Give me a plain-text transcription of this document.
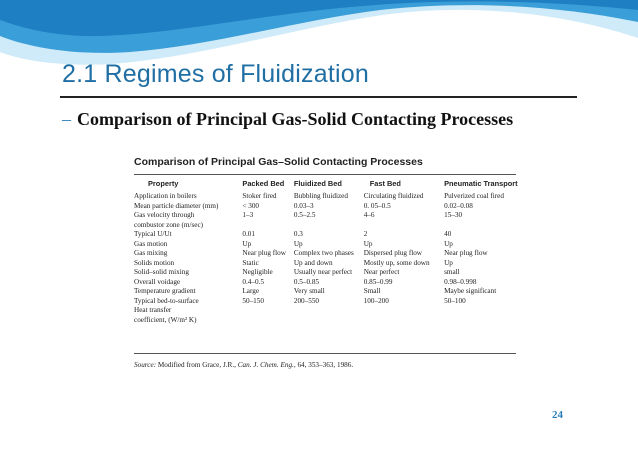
2.1 Regimes of Fluidization
– Comparison of Principal Gas-Solid Contacting Processes
Comparison of Principal Gas–Solid Contacting Processes
Property	Packed Bed	Fluidized Bed	Fast Bed	Pneumatic Transport
Application in boilers	Stoker fired	Bubbling fluidized	Circulating fluidized	Pulverized coal fired
Mean particle diameter (mm)	< 300	0.03–3	0. 05–0.5	0.02–0.08
Gas velocity through	1–3	0.5–2.5	4–6	15–30
combustor zone (m/sec)				
Typical U/Ut	0.01	0.3	2	40
Gas motion	Up	Up	Up	Up
Gas mixing	Near plug flow	Complex two phases	Dispersed plug flow	Near plug flow
Solids motion	Static	Up and down	Mostly up, some down	Up
Solid–solid mixing	Negligible	Usually near perfect	Near perfect	small
Overall voidage	0.4–0.5	0.5–0.85	0.85–0.99	0.98–0.998
Temperature gradient	Large	Very small	Small	Maybe significant
Typical bed-to-surface	50–150	200–550	100–200	50–100
Heat transfer				
coefficient, (W/m² K)				
Source: Modified from Grace, J.R., Can. J. Chem. Eng., 64, 353–363, 1986.
24
